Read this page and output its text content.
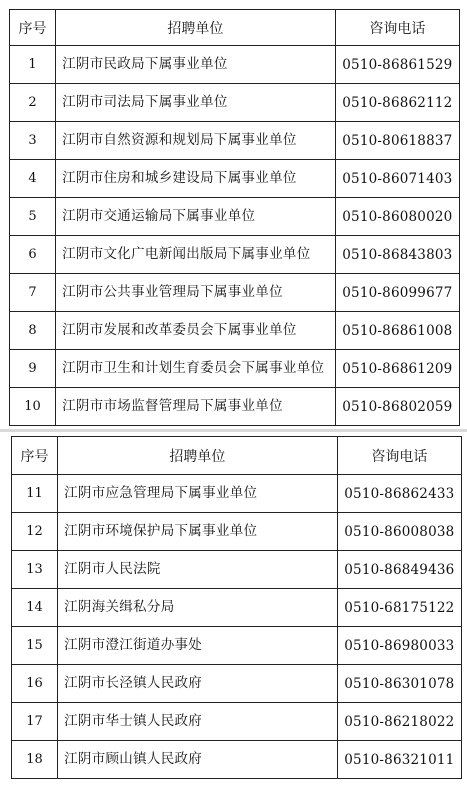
序号	招聘单位	咨询电话
1	江阴市民政局下属事业单位	0510-86861529
2	江阴市司法局下属事业单位	0510-86862112
3	江阴市自然资源和规划局下属事业单位	0510-80618837
4	江阴市住房和城乡建设局下属事业单位	0510-86071403
5	江阴市交通运输局下属事业单位	0510-86080020
6	江阴市文化广电新闻出版局下属事业单位	0510-86843803
7	江阴市公共事业管理局下属事业单位	0510-86099677
8	江阴市发展和改革委员会下属事业单位	0510-86861008
9	江阴市卫生和计划生育委员会下属事业单位	0510-86861209
10	江阴市市场监督管理局下属事业单位	0510-86802059
序号	招聘单位	咨询电话
11	江阴市应急管理局下属事业单位	0510-86862433
12	江阴市环境保护局下属事业单位	0510-86008038
13	江阴市人民法院	0510-86849436
14	江阴海关缉私分局	0510-68175122
15	江阴市澄江街道办事处	0510-86980033
16	江阴市长泾镇人民政府	0510-86301078
17	江阴市华士镇人民政府	0510-86218022
18	江阴市顾山镇人民政府	0510-86321011
